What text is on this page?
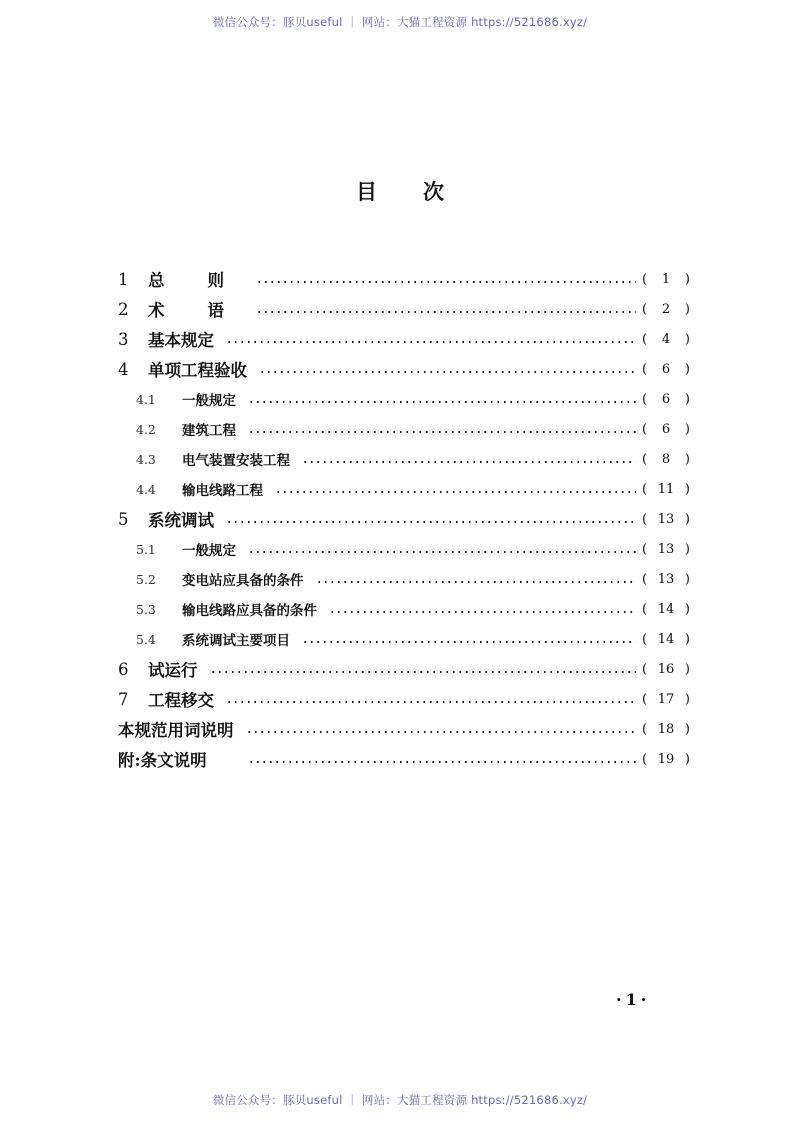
微信公众号：豚贝useful ｜ 网站：大猫工程资源 https://521686.xyz/
目次
1	总	则	(	1	)
2	术	语	(	2	)
3	基本规定	(	4	)
4	单项工程验收	(	6	)
4.1	一般规定	(	6	)
4.2	建筑工程	(	6	)
4.3	电气装置安装工程	(	8	)
4.4	输电线路工程	( 11 )
5	系统调试	( 13 )
5.1	一般规定	( 13 )
5.2	变电站应具备的条件	( 13 )
5.3	输电线路应具备的条件	( 14 )
5.4	系统调试主要项目	( 14 )
6	试运行	( 16 )
7	工程移交	( 17 )
本规范用词说明	( 18 )
附:条文说明	( 19 )
·1·
微信公众号：豚贝useful ｜ 网站：大猫工程资源 https://521686.xyz/
